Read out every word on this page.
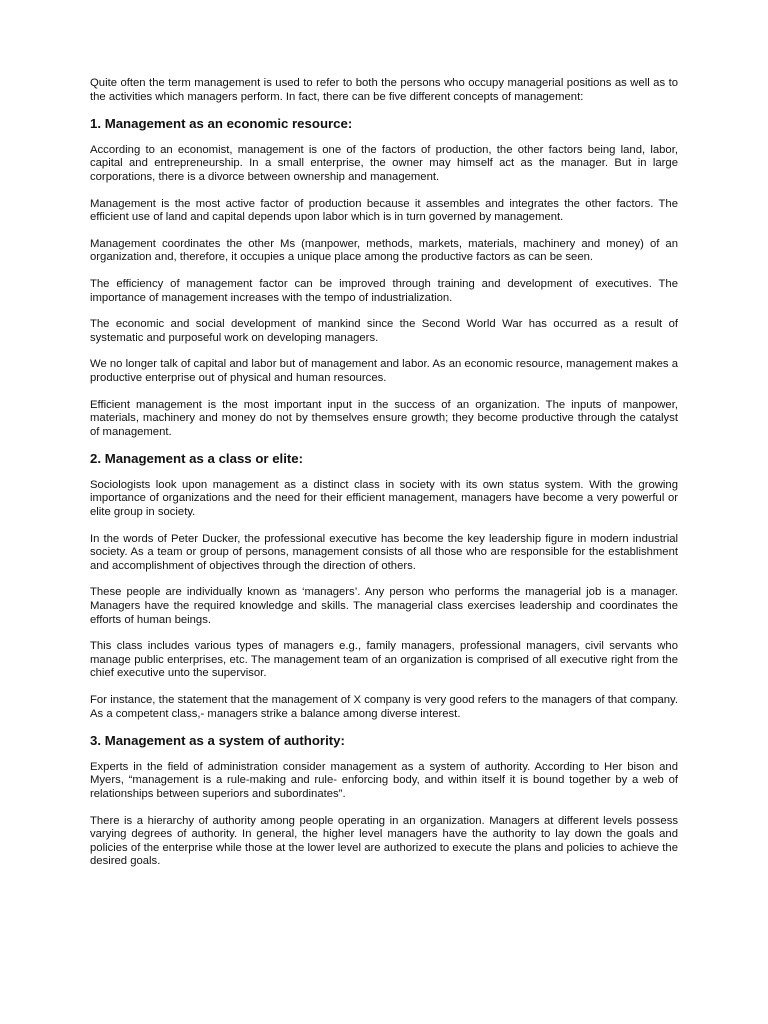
Quite often the term management is used to refer to both the persons who occupy managerial positions as well as to the activities which managers perform. In fact, there can be five different concepts of management:

1. Management as an economic resource:

According to an economist, management is one of the factors of production, the other factors being land, labor, capital and entrepreneurship. In a small enterprise, the owner may himself act as the manager. But in large corporations, there is a divorce between ownership and management.

Management is the most active factor of production because it assembles and integrates the other factors. The efficient use of land and capital depends upon labor which is in turn governed by management.

Management coordinates the other Ms (manpower, methods, markets, materials, machinery and money) of an organization and, therefore, it occupies a unique place among the productive factors as can be seen.

The efficiency of management factor can be improved through training and development of executives. The importance of management increases with the tempo of industrialization.

The economic and social development of mankind since the Second World War has occurred as a result of systematic and purposeful work on developing managers.

We no longer talk of capital and labor but of management and labor. As an economic resource, management makes a productive enterprise out of physical and human resources.

Efficient management is the most important input in the success of an organization. The inputs of manpower, materials, machinery and money do not by themselves ensure growth; they become productive through the catalyst of management.

2. Management as a class or elite:

Sociologists look upon management as a distinct class in society with its own status system. With the growing importance of organizations and the need for their efficient management, managers have become a very powerful or elite group in society.

In the words of Peter Ducker, the professional executive has become the key leadership figure in modern industrial society. As a team or group of persons, management consists of all those who are responsible for the establishment and accomplishment of objectives through the direction of others.

These people are individually known as ‘managers’. Any person who performs the managerial job is a manager. Managers have the required knowledge and skills. The managerial class exercises leadership and coordinates the efforts of human beings.

This class includes various types of managers e.g., family managers, professional managers, civil servants who manage public enterprises, etc. The management team of an organization is comprised of all executive right from the chief executive unto the supervisor.

For instance, the statement that the management of X company is very good refers to the managers of that company. As a competent class,- managers strike a balance among diverse interest.

3. Management as a system of authority:

Experts in the field of administration consider management as a system of authority. According to Her bison and Myers, “management is a rule-making and rule- enforcing body, and within itself it is bound together by a web of relationships between superiors and subordinates”.

There is a hierarchy of authority among people operating in an organization. Managers at different levels possess varying degrees of authority. In general, the higher level managers have the authority to lay down the goals and policies of the enterprise while those at the lower level are authorized to execute the plans and policies to achieve the desired goals.
